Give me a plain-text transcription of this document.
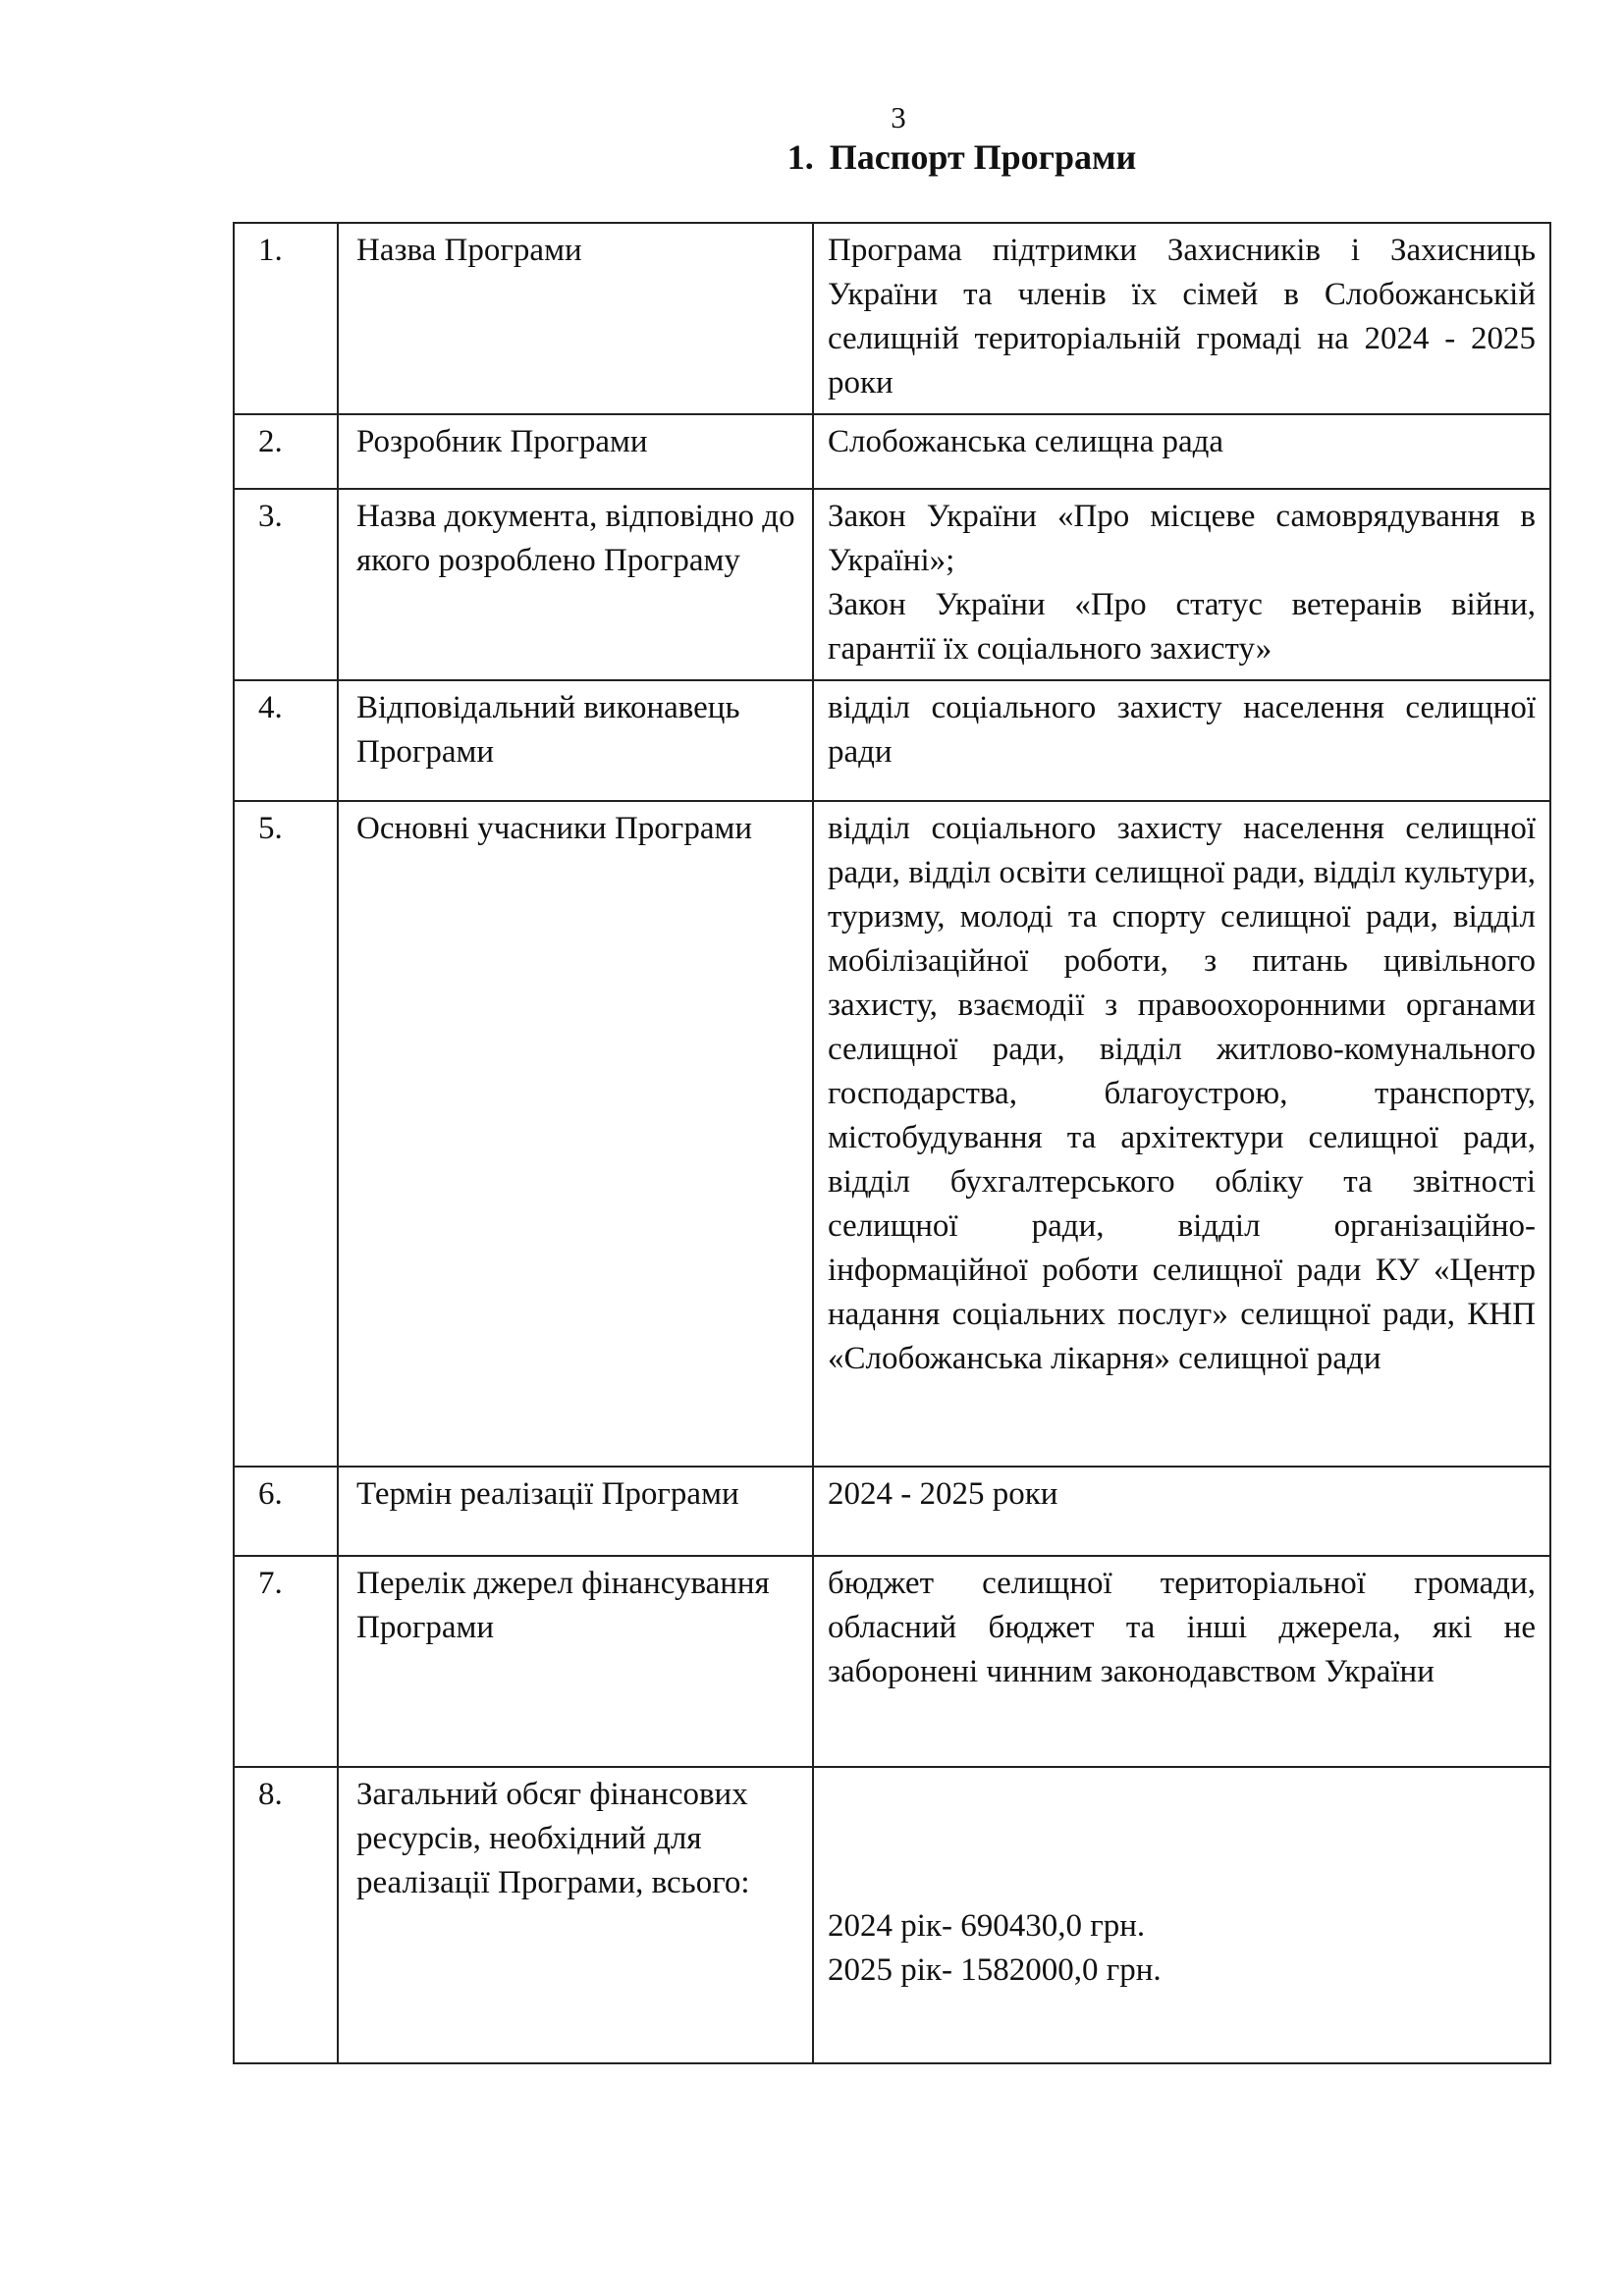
3
1. Паспорт Програми
1.	Назва Програми	Програма підтримки Захисників і Захисниць України та членів їх сімей в Слобожанській селищній територіальній громаді на 2024 - 2025 роки
2.	Розробник Програми	Слобожанська селищна рада
3.	Назва документа, відповідно до якого розроблено Програму	Закон України «Про місцеве самоврядування в Україні»;
Закон України «Про статус ветеранів війни, гарантії їх соціального захисту»

4.	Відповідальний виконавець Програми	відділ соціального захисту населення селищної ради
5.	Основні учасники Програми	відділ соціального захисту населення селищної ради, відділ освіти селищної ради, відділ культури, туризму, молоді та спорту селищної ради, відділ мобілізаційної роботи, з питань цивільного захисту, взаємодії з правоохоронними органами селищної ради, відділ житлово-комунального господарства, благоустрою, транспорту, містобудування та архітектури селищної ради, відділ бухгалтерського обліку та звітності селищної ради, відділ організаційно-інформаційної роботи селищної ради КУ «Центр надання соціальних послуг» селищної ради, КНП «Слобожанська лікарня» селищної ради
6.	Термін реалізації Програми	2024 - 2025 роки
7.	Перелік джерел фінансування Програми	бюджет селищної територіальної громади, обласний бюджет та інші джерела, які не заборонені чинним законодавством України
8.	Загальний обсяг фінансових ресурсів, необхідний для реалізації Програми, всього:	2024 рік- 690430,0 грн.
2025 рік- 1582000,0 грн.
